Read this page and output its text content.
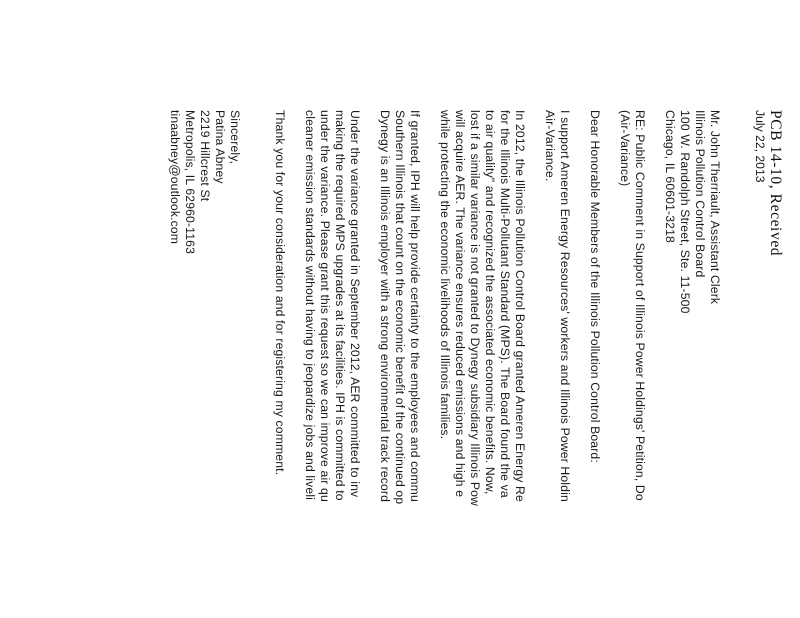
PCB 14-10, Received
July 22, 2013
Mr. John Therriault, Assistant Clerk
Illinois Pollution Control Board
100 W. Randolph Street, Ste. 11-500
Chicago, IL 60601-3218
RE: Public Comment in Support of Illinois Power Holdings' Petition, Do
(Air-Variance)
Dear Honorable Members of the Illinois Pollution Control Board:
I support Ameren Energy Resources' workers and Illinois Power Holdin
Air-Variance.
In 2012, the Illinois Pollution Control Board granted Ameren Energy Re
for the Illinois Multi-Pollutant Standard (MPS). The Board found the va
to air quality" and recognized the associated economic benefits. Now,
lost if a similar variance is not granted to Dynegy subsidiary Illinois Pow
will acquire AER. The variance ensures reduced emissions and high e
while protecting the economic livelihoods of Illinois families.
If granted, IPH will help provide certainty to the employees and commu
Southern Illinois that count on the economic benefit of the continued op
Dynegy is an Illinois employer with a strong environmental track record
Under the variance granted in September 2012, AER committed to inv
making the required MPS upgrades at its facilities. IPH is committed to
under the variance. Please grant this request so we can improve air qu
cleaner emission standards without having to jeopardize jobs and liveli
Thank you for your consideration and for registering my comment.
Sincerely,
Patina Abney
2219 Hillcrest St
Metropolis, IL 62960-1163
tinaabney@outlook.com
